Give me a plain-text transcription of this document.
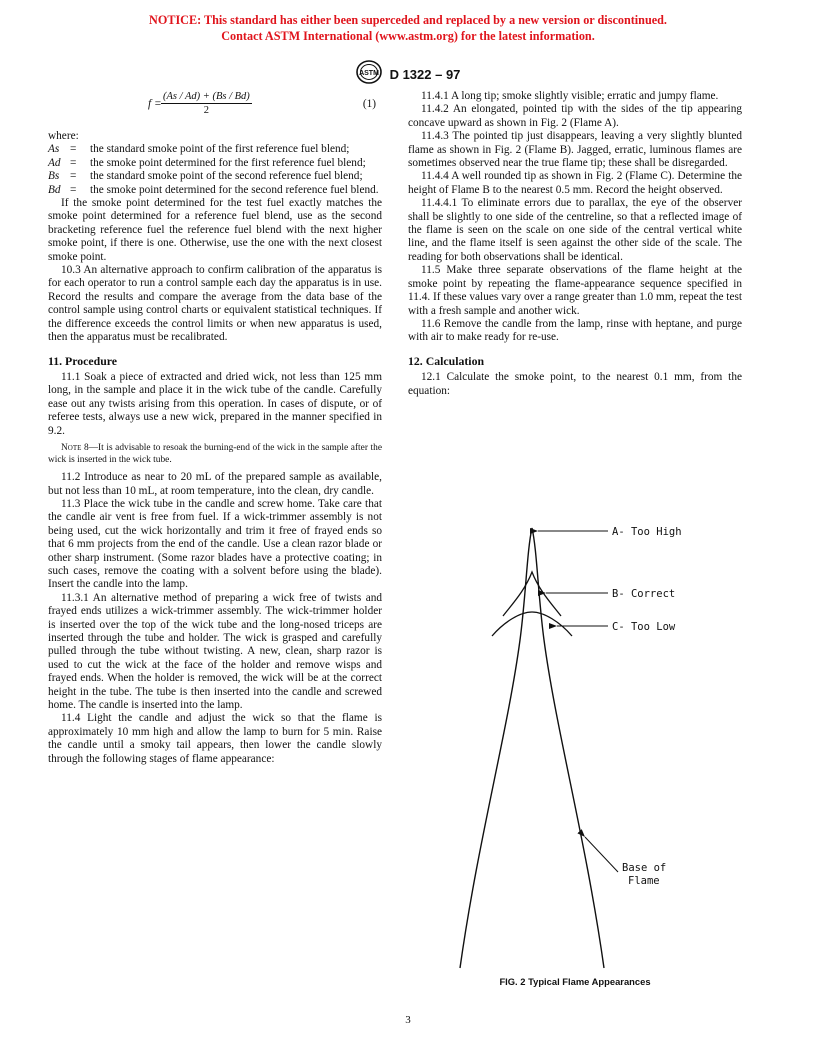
NOTICE: This standard has either been superceded and replaced by a new version or discontinued.
Contact ASTM International (www.astm.org) for the latest information.
ASTM D 1322 – 97
$f = \frac{(As / Ad) + (Bs / Bd)}{2}$	(1)

where:

As =	the standard smoke point of the first reference fuel blend;
Ad =	the smoke point determined for the first reference fuel blend;
Bs =	the standard smoke point of the second reference fuel blend;
Bd =	the smoke point determined for the second reference fuel blend.

If the smoke point determined for the test fuel exactly matches the smoke point determined for a reference fuel blend, use as the second bracketing reference fuel the reference fuel blend with the next higher smoke point, if there is one. Otherwise, use the one with the next closest smoke point.

10.3 An alternative approach to confirm calibration of the apparatus is for each operator to run a control sample each day the apparatus is in use. Record the results and compare the average from the data base of the control sample using control charts or equivalent statistical techniques. If the difference exceeds the control limits or when new apparatus is used, then the apparatus must be recalibrated.

11. Procedure

11.1 Soak a piece of extracted and dried wick, not less than 125 mm long, in the sample and place it in the wick tube of the candle. Carefully ease out any twists arising from this operation. In cases of dispute, or of referee tests, always use a new wick, prepared in the manner specified in 9.2.

Note 8—It is advisable to resoak the burning-end of the wick in the sample after the wick is inserted in the wick tube.

11.2 Introduce as near to 20 mL of the prepared sample as available, but not less than 10 mL, at room temperature, into the clean, dry candle.

11.3 Place the wick tube in the candle and screw home. Take care that the candle air vent is free from fuel. If a wick-trimmer assembly is not being used, cut the wick horizontally and trim it free of frayed ends so that 6 mm projects from the end of the candle. Use a clean razor blade or other sharp instrument. (Some razor blades have a protective coating; in such cases, remove the coating with a solvent before using the blade). Insert the candle into the lamp.

11.3.1 An alternative method of preparing a wick free of twists and frayed ends utilizes a wick-trimmer assembly. The wick-trimmer holder is inserted over the top of the wick tube and the long-nosed triceps are inserted through the tube and holder. The wick is grasped and carefully pulled through the tube without twisting. A new, clean, sharp razor is used to cut the wick at the face of the holder and remove wisps and frayed ends. When the holder is removed, the wick will be at the correct height in the tube. The tube is then inserted into the candle and screwed home. The candle is inserted into the lamp.

11.4 Light the candle and adjust the wick so that the flame is approximately 10 mm high and allow the lamp to burn for 5 min. Raise the candle until a smoky tail appears, then lower the candle slowly through the following stages of flame appearance:

11.4.1 A long tip; smoke slightly visible; erratic and jumpy flame.

11.4.2 An elongated, pointed tip with the sides of the tip appearing concave upward as shown in Fig. 2 (Flame A).

11.4.3 The pointed tip just disappears, leaving a very slightly blunted flame as shown in Fig. 2 (Flame B). Jagged, erratic, luminous flames are sometimes observed near the true flame tip; these shall be disregarded.

11.4.4 A well rounded tip as shown in Fig. 2 (Flame C). Determine the height of Flame B to the nearest 0.5 mm. Record the height observed.

11.4.4.1 To eliminate errors due to parallax, the eye of the observer shall be slightly to one side of the centreline, so that a reflected image of the flame is seen on the scale on one side of the central vertical white line, and the flame itself is seen against the other side of the scale. The reading for both observations shall be identical.

11.5 Make three separate observations of the flame height at the smoke point by repeating the flame-appearance sequence specified in 11.4. If these values vary over a range greater than 1.0 mm, repeat the test with a fresh sample and another wick.

11.6 Remove the candle from the lamp, rinse with heptane, and purge with air to make ready for re-use.

12. Calculation

12.1 Calculate the smoke point, to the nearest 0.1 mm, from the equation:

A- Too High
B- Correct
C- Too Low
Base of
Flame
FIG. 2 Typical Flame Appearances
3
